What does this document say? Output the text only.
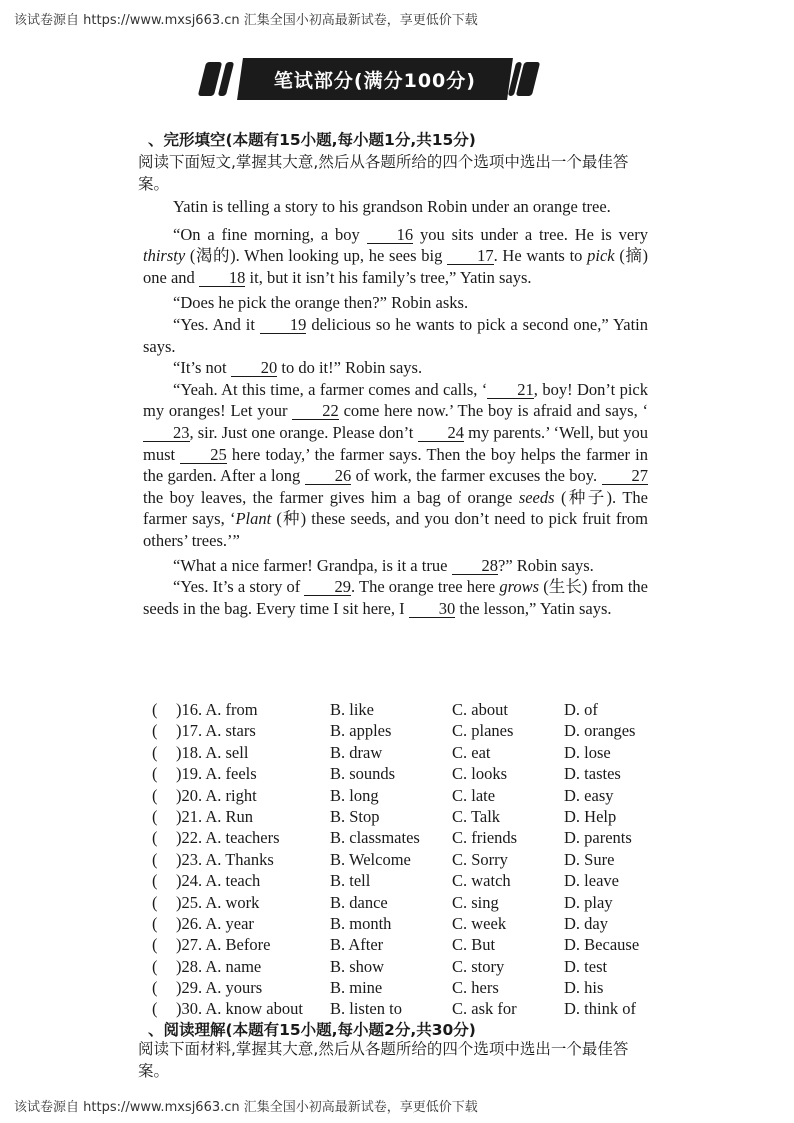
该试卷源自 https://www.mxsj663.cn 汇集全国小初高最新试卷，享更低价下载
笔试部分(满分100分)
、完形填空(本题有15小题,每小题1分,共15分)
阅读下面短文,掌握其大意,然后从各题所给的四个选项中选出一个最佳答案。

Yatin is telling a story to his grandson Robin under an orange tree.

“On a fine morning, a boy 16 you sits under a tree. He is very thirsty (渴的). When looking up, he sees big 17. He wants to pick (摘) one and 18 it, but it isn’t his family’s tree,” Yatin says.

“Does he pick the orange then?” Robin asks.

“Yes. And it 19 delicious so he wants to pick a second one,” Yatin says.

“It’s not 20 to do it!” Robin says.

“Yeah. At this time, a farmer comes and calls, ‘ 21, boy! Don’t pick my oranges! Let your 22 come here now.’ The boy is afraid and says, ‘23, sir. Just one orange. Please don’t 24 my parents.’ ‘Well, but you must 25 here today,’ the farmer says. Then the boy helps the farmer in the garden. After a long 26 of work, the farmer excuses the boy. 27 the boy leaves, the farmer gives him a bag of orange seeds (种子). The farmer says, ‘Plant (种) these seeds, and you don’t need to pick fruit from others’ trees.’”

“What a nice farmer! Grandpa, is it a true 28?” Robin says.

“Yes. It’s a story of 29. The orange tree here grows (生长) from the seeds in the bag. Every time I sit here, I 30 the lesson,” Yatin says.

( )16. A. from	B. like	C. about	D. of
( )17. A. stars	B. apples	C. planes	D. oranges
( )18. A. sell	B. draw	C. eat	D. lose
( )19. A. feels	B. sounds	C. looks	D. tastes
( )20. A. right	B. long	C. late	D. easy
( )21. A. Run	B. Stop	C. Talk	D. Help
( )22. A. teachers	B. classmates C. friends	D. parents
( )23. A. Thanks	B. Welcome C. Sorry	D. Sure
( )24. A. teach	B. tell	C. watch	D. leave
( )25. A. work	B. dance	C. sing	D. play
( )26. A. year	B. month	C. week	D. day
( )27. A. Before	B. After	C. But	D. Because
( )28. A. name	B. show	C. story	D. test
( )29. A. yours	B. mine	C. hers	D. his
( )30. A. know about B. listen to	C. ask for	D. think of
、阅读理解(本题有15小题,每小题2分,共30分)
阅读下面材料,掌握其大意,然后从各题所给的四个选项中选出一个最佳答案。
该试卷源自 https://www.mxsj663.cn 汇集全国小初高最新试卷，享更低价下载
